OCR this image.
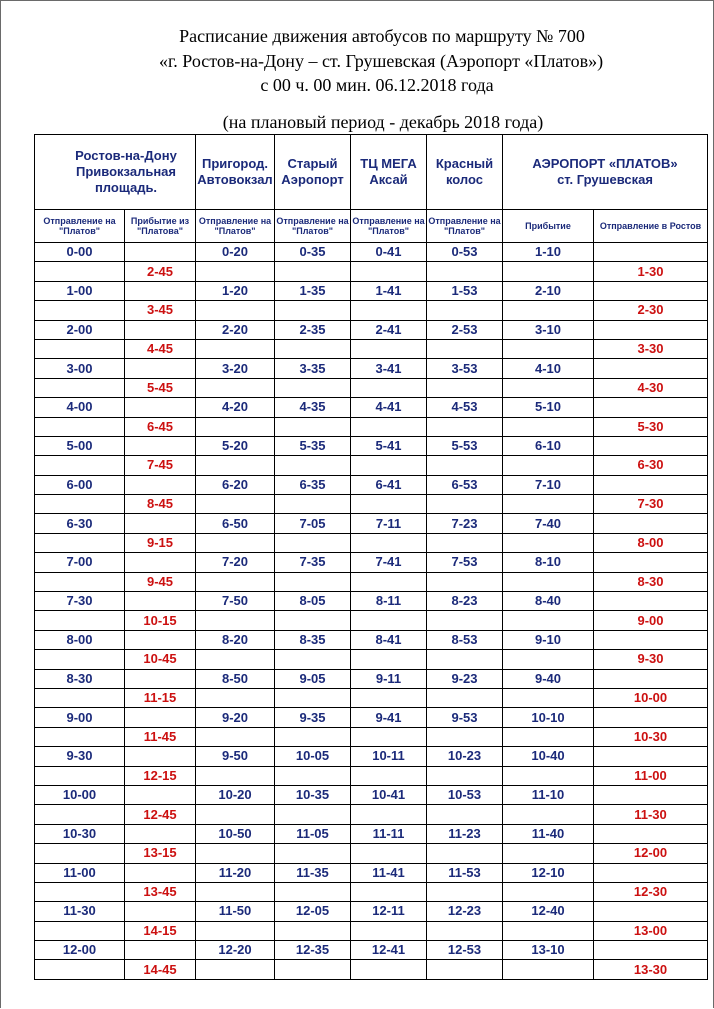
Расписание движения автобусов по маршруту № 700
«г. Ростов-на-Дону – ст. Грушевская (Аэропорт «Платов»)
с 00 ч. 00 мин. 06.12.2018 года
(на плановый период - декабрь 2018 года)
Ростов-на-Дону Привокзальная площадь.		Пригород. Автовокзал	Старый Аэропорт	ТЦ МЕГА Аксай	Красный колос	АЭРОПОРТ «ПЛАТОВ» ст. Грушевская	
Отправление на "Платов"	Прибытие из "Платова"	Отправление на "Платов"	Отправление на "Платов"	Отправление на "Платов"	Отправление на "Платов"	Прибытие	Отправление в Ростов
0-00		0-20	0-35	0-41	0-53	1-10	
	2-45						1-30
1-00		1-20	1-35	1-41	1-53	2-10	
	3-45						2-30
2-00		2-20	2-35	2-41	2-53	3-10	
	4-45						3-30
3-00		3-20	3-35	3-41	3-53	4-10	
	5-45						4-30
4-00		4-20	4-35	4-41	4-53	5-10	
	6-45						5-30
5-00		5-20	5-35	5-41	5-53	6-10	
	7-45						6-30
6-00		6-20	6-35	6-41	6-53	7-10	
	8-45						7-30
6-30		6-50	7-05	7-11	7-23	7-40	
	9-15						8-00
7-00		7-20	7-35	7-41	7-53	8-10	
	9-45						8-30
7-30		7-50	8-05	8-11	8-23	8-40	
	10-15						9-00
8-00		8-20	8-35	8-41	8-53	9-10	
	10-45						9-30
8-30		8-50	9-05	9-11	9-23	9-40	
	11-15						10-00
9-00		9-20	9-35	9-41	9-53	10-10	
	11-45						10-30
9-30		9-50	10-05	10-11	10-23	10-40	
	12-15						11-00
10-00		10-20	10-35	10-41	10-53	11-10	
	12-45						11-30
10-30		10-50	11-05	11-11	11-23	11-40	
	13-15						12-00
11-00		11-20	11-35	11-41	11-53	12-10	
	13-45						12-30
11-30		11-50	12-05	12-11	12-23	12-40	
	14-15						13-00
12-00		12-20	12-35	12-41	12-53	13-10	
	14-45						13-30
